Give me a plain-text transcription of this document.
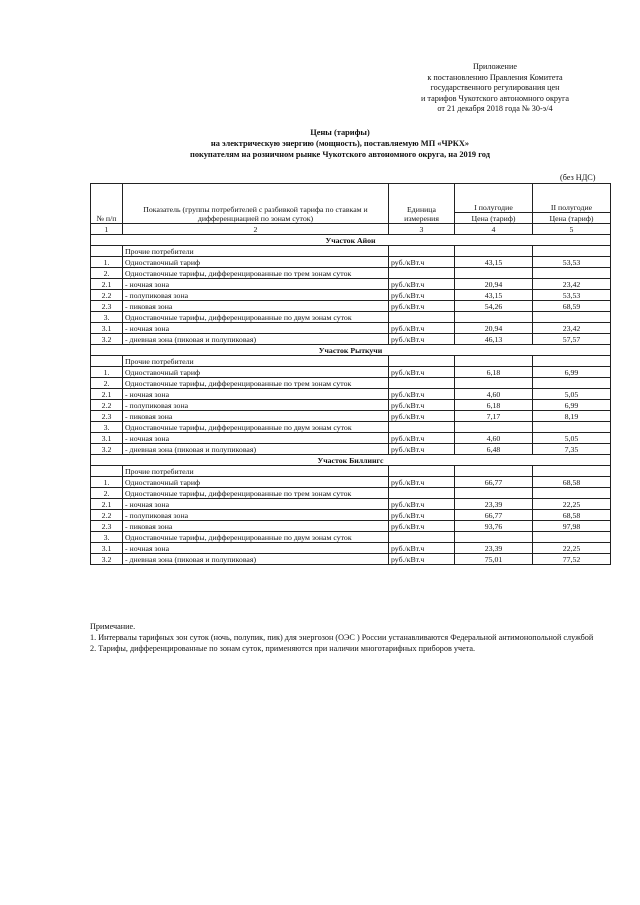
Приложение
к постановлению Правления Комитета
государственного регулирования цен
и тарифов Чукотского автономного округа
от 21 декабря 2018 года № 30-э/4
Цены (тарифы)
на электрическую энергию (мощность), поставляемую МП «ЧРКХ»
покупателям на розничном рынке Чукотского автономного округа, на 2019 год
(без НДС)
№ п/п	Показатель (группы потребителей с разбивкой тарифа по ставкам и дифференциацией по зонам суток)	Единица измерения	I полугодие	II полугодие
			Цена (тариф)	Цена (тариф)
1	2	3	4	5
Участок Айон				
	Прочие потребители			
1.	Одноставочный тариф	руб./кВт.ч	43,15	53,53
2.	Одноставочные тарифы, дифференцированные по трем зонам суток			
2.1	- ночная зона	руб./кВт.ч	20,94	23,42
2.2	- полупиковая зона	руб./кВт.ч	43,15	53,53
2.3	- пиковая зона	руб./кВт.ч	54,26	68,59
3.	Одноставочные тарифы, дифференцированные по двум зонам суток			
3.1	- ночная зона	руб./кВт.ч	20,94	23,42
3.2	- дневная зона (пиковая и полупиковая)	руб./кВт.ч	46,13	57,57
Участок Рыткучи				
	Прочие потребители			
1.	Одноставочный тариф	руб./кВт.ч	6,18	6,99
2.	Одноставочные тарифы, дифференцированные по трем зонам суток			
2.1	- ночная зона	руб./кВт.ч	4,60	5,05
2.2	- полупиковая зона	руб./кВт.ч	6,18	6,99
2.3	- пиковая зона	руб./кВт.ч	7,17	8,19
3.	Одноставочные тарифы, дифференцированные по двум зонам суток			
3.1	- ночная зона	руб./кВт.ч	4,60	5,05
3.2	- дневная зона (пиковая и полупиковая)	руб./кВт.ч	6,48	7,35
Участок Биллингс				
	Прочие потребители			
1.	Одноставочный тариф	руб./кВт.ч	66,77	68,58
2.	Одноставочные тарифы, дифференцированные по трем зонам суток			
2.1	- ночная зона	руб./кВт.ч	23,39	22,25
2.2	- полупиковая зона	руб./кВт.ч	66,77	68,58
2.3	- пиковая зона	руб./кВт.ч	93,76	97,98
3.	Одноставочные тарифы, дифференцированные по двум зонам суток			
3.1	- ночная зона	руб./кВт.ч	23,39	22,25
3.2	- дневная зона (пиковая и полупиковая)	руб./кВт.ч	75,01	77,52

Примечание.

1. Интервалы тарифных зон суток (ночь, полупик, пик) для энергозон (ОЭС ) России устанавливаются Федеральной антимонопольной службой

2. Тарифы, дифференцированные по зонам суток, применяются при наличии многотарифных приборов учета.
